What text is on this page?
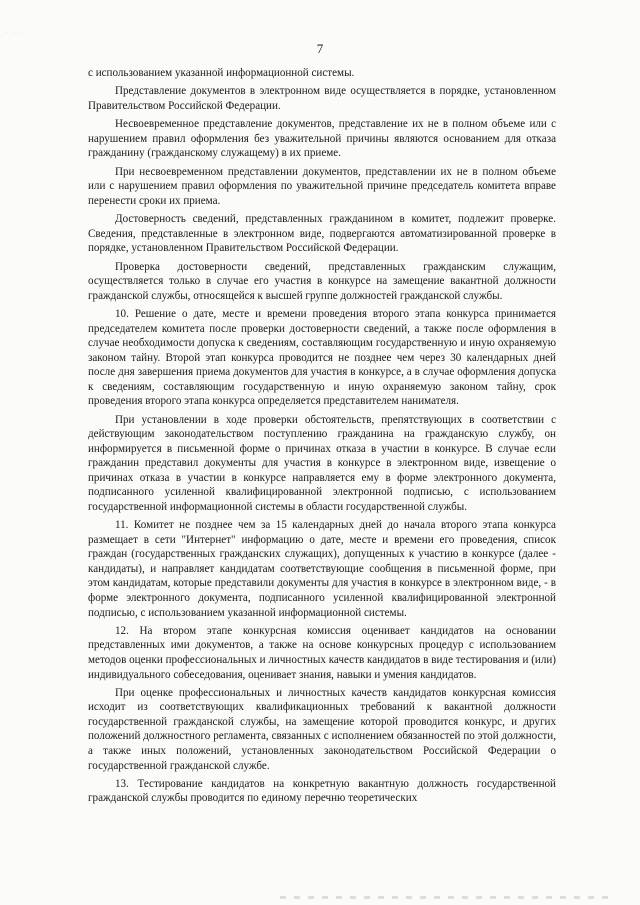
· · ·
7

с использованием указанной информационной системы.

Представление документов в электронном виде осуществляется в порядке, установленном Правительством Российской Федерации.

Несвоевременное представление документов, представление их не в полном объеме или с нарушением правил оформления без уважительной причины являются основанием для отказа гражданину (гражданскому служащему) в их приеме.

При несвоевременном представлении документов, представлении их не в полном объеме или с нарушением правил оформления по уважительной причине председатель комитета вправе перенести сроки их приема.

Достоверность сведений, представленных гражданином в комитет, подлежит проверке. Сведения, представленные в электронном виде, подвергаются автоматизированной проверке в порядке, установленном Правительством Российской Федерации.

Проверка достоверности сведений, представленных гражданским служащим, осуществляется только в случае его участия в конкурсе на замещение вакантной должности гражданской службы, относящейся к высшей группе должностей гражданской службы.

10. Решение о дате, месте и времени проведения второго этапа конкурса принимается председателем комитета после проверки достоверности сведений, а также после оформления в случае необходимости допуска к сведениям, составляющим государственную и иную охраняемую законом тайну. Второй этап конкурса проводится не позднее чем через 30 календарных дней после дня завершения приема документов для участия в конкурсе, а в случае оформления допуска к сведениям, составляющим государственную и иную охраняемую законом тайну, срок проведения второго этапа конкурса определяется представителем нанимателя.

При установлении в ходе проверки обстоятельств, препятствующих в соответствии с действующим законодательством поступлению гражданина на гражданскую службу, он информируется в письменной форме о причинах отказа в участии в конкурсе. В случае если гражданин представил документы для участия в конкурсе в электронном виде, извещение о причинах отказа в участии в конкурсе направляется ему в форме электронного документа, подписанного усиленной квалифицированной электронной подписью, с использованием государственной информационной системы в области государственной службы.

11. Комитет не позднее чем за 15 календарных дней до начала второго этапа конкурса размещает в сети "Интернет" информацию о дате, месте и времени его проведения, список граждан (государственных гражданских служащих), допущенных к участию в конкурсе (далее - кандидаты), и направляет кандидатам соответствующие сообщения в письменной форме, при этом кандидатам, которые представили документы для участия в конкурсе в электронном виде, - в форме электронного документа, подписанного усиленной квалифицированной электронной подписью, с использованием указанной информационной системы.

12. На втором этапе конкурсная комиссия оценивает кандидатов на основании представленных ими документов, а также на основе конкурсных процедур с использованием методов оценки профессиональных и личностных качеств кандидатов в виде тестирования и (или) индивидуального собеседования, оценивает знания, навыки и умения кандидатов.

При оценке профессиональных и личностных качеств кандидатов конкурсная комиссия исходит из соответствующих квалификационных требований к вакантной должности государственной гражданской службы, на замещение которой проводится конкурс, и других положений должностного регламента, связанных с исполнением обязанностей по этой должности, а также иных положений, установленных законодательством Российской Федерации о государственной гражданской службе.

13. Тестирование кандидатов на конкретную вакантную должность государственной гражданской службы проводится по единому перечню теоретических
